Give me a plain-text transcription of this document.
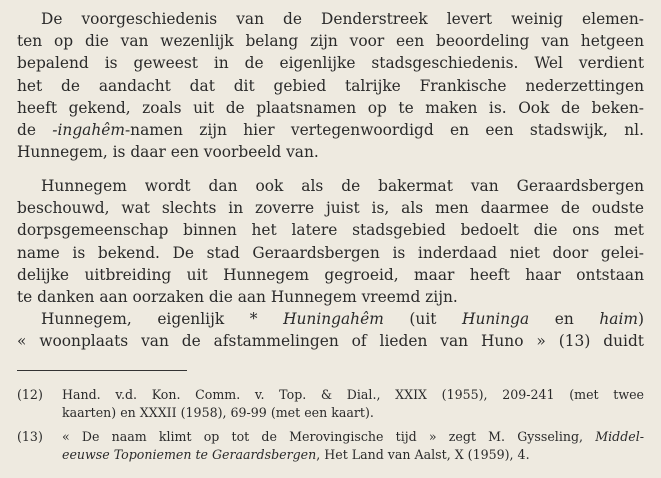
De voorgeschiedenis van de Denderstreek levert weinig elemen-
ten op die van wezenlijk belang zijn voor een beoordeling van hetgeen
bepalend is geweest in de eigenlijke stadsgeschiedenis. Wel verdient
het de aandacht dat dit gebied talrijke Frankische nederzettingen
heeft gekend, zoals uit de plaatsnamen op te maken is. Ook de beken-
de -ingahêm-namen zijn hier vertegenwoordigd en een stadswijk, nl.
Hunnegem, is daar een voorbeeld van.
Hunnegem wordt dan ook als de bakermat van Geraardsbergen
beschouwd, wat slechts in zoverre juist is, als men daarmee de oudste
dorpsgemeenschap binnen het latere stadsgebied bedoelt die ons met
name is bekend. De stad Geraardsbergen is inderdaad niet door gelei-
delijke uitbreiding uit Hunnegem gegroeid, maar heeft haar ontstaan
te danken aan oorzaken die aan Hunnegem vreemd zijn.
Hunnegem, eigenlijk * Huningahêm (uit Huninga en haim)
« woonplaats van de afstammelingen of lieden van Huno » (13) duidt
(12) Hand. v.d. Kon. Comm. v. Top. & Dial., XXIX (1955), 209-241 (met twee
kaarten) en XXXII (1958), 69-99 (met een kaart).
(13) « De naam klimt op tot de Merovingische tijd » zegt M. Gysseling, Middel-
eeuwse Toponiemen te Geraardsbergen, Het Land van Aalst, X (1959), 4.
